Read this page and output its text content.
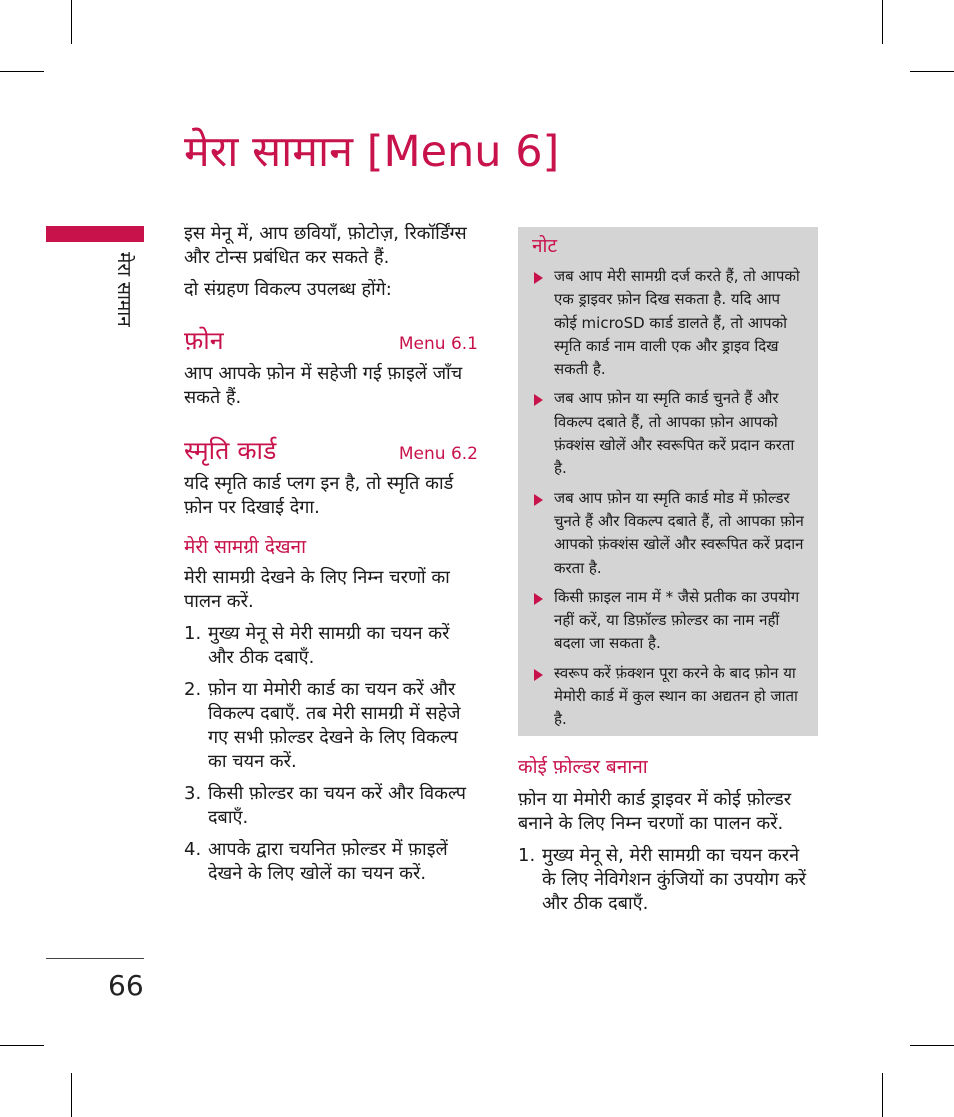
मेरा सामान [Menu 6]
मेरा सामान
66

इस मेनू में, आप छवियाँ, फ़ोटोज़, रिकॉर्डिंग्स और टोन्स प्रबंधित कर सकते हैं.

दो संग्रहण विकल्प उपलब्ध होंगे:

फ़ोन	Menu 6.1

आप आपके फ़ोन में सहेजी गई फ़ाइलें जाँच सकते हैं.

स्मृति कार्ड	Menu 6.2

यदि स्मृति कार्ड प्लग इन है, तो स्मृति कार्ड फ़ोन पर दिखाई देगा.

मेरी सामग्री देखना

मेरी सामग्री देखने के लिए निम्न चरणों का पालन करें.

1. मुख्य मेनू से मेरी सामग्री का चयन करें और ठीक दबाएँ.
2. फ़ोन या मेमोरी कार्ड का चयन करें और विकल्प दबाएँ. तब मेरी सामग्री में सहेजे गए सभी फ़ोल्डर देखने के लिए विकल्प का चयन करें.
3. किसी फ़ोल्डर का चयन करें और विकल्प दबाएँ.
4. आपके द्वारा चयनित फ़ोल्डर में फ़ाइलें देखने के लिए खोलें का चयन करें.
नोट
जब आप मेरी सामग्री दर्ज करते हैं, तो आपको एक ड्राइवर फ़ोन दिख सकता है. यदि आप कोई microSD कार्ड डालते हैं, तो आपको स्मृति कार्ड नाम वाली एक और ड्राइव दिख सकती है.
जब आप फ़ोन या स्मृति कार्ड चुनते हैं और विकल्प दबाते हैं, तो आपका फ़ोन आपको फ़ंक्शंस खोलें और स्वरूपित करें प्रदान करता है.
जब आप फ़ोन या स्मृति कार्ड मोड में फ़ोल्डर चुनते हैं और विकल्प दबाते हैं, तो आपका फ़ोन आपको फ़ंक्शंस खोलें और स्वरूपित करें प्रदान करता है.
किसी फ़ाइल नाम में * जैसे प्रतीक का उपयोग नहीं करें, या डिफ़ॉल्ड फ़ोल्डर का नाम नहीं बदला जा सकता है.
स्वरूप करें फ़ंक्शन पूरा करने के बाद फ़ोन या मेमोरी कार्ड में कुल स्थान का अद्यतन हो जाता है.
कोई फ़ोल्डर बनाना

फ़ोन या मेमोरी कार्ड ड्राइवर में कोई फ़ोल्डर बनाने के लिए निम्न चरणों का पालन करें.

1. मुख्य मेनू से, मेरी सामग्री का चयन करने के लिए नेविगेशन कुंजियों का उपयोग करें और ठीक दबाएँ.
